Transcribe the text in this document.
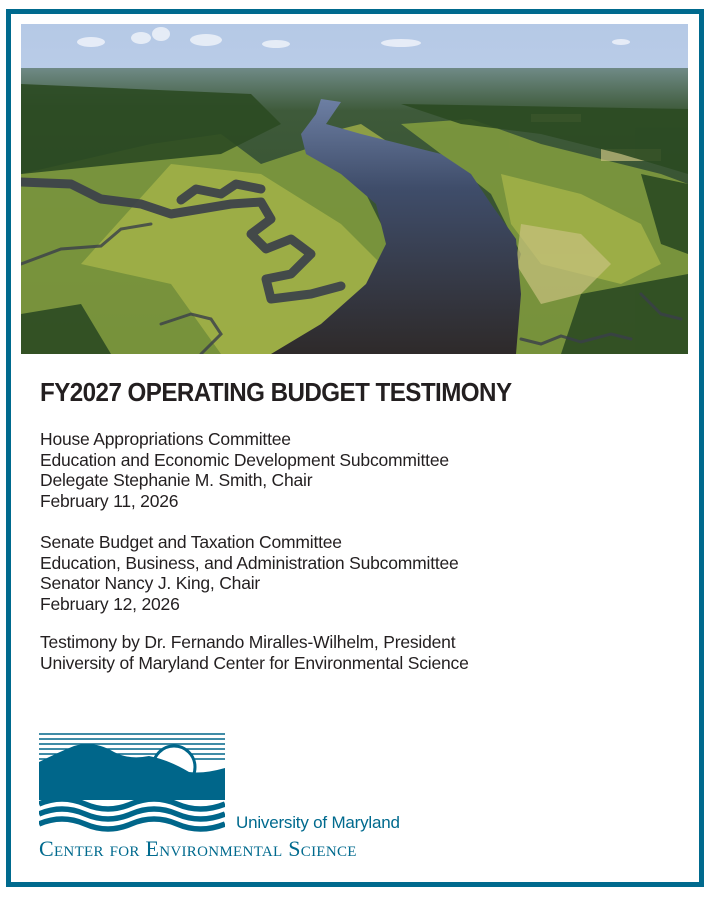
FY2027 OPERATING BUDGET TESTIMONY
House Appropriations Committee
Education and Economic Development Subcommittee
Delegate Stephanie M. Smith, Chair
February 11, 2026
Senate Budget and Taxation Committee
Education, Business, and Administration Subcommittee
Senator Nancy J. King, Chair
February 12, 2026
Testimony by Dr. Fernando Miralles-Wilhelm, President
University of Maryland Center for Environmental Science
University of Maryland
Center for Environmental Science
